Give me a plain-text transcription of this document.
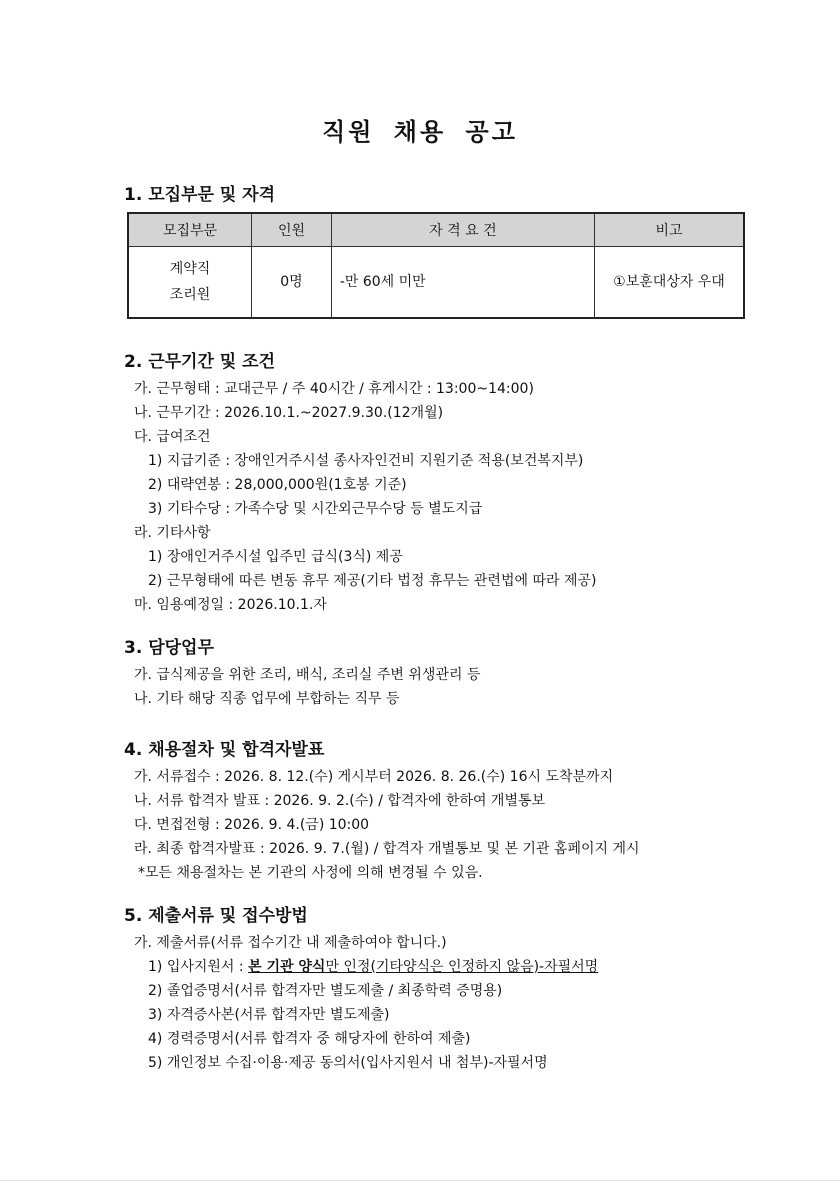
직원 채용 공고
1. 모집부문 및 자격
모집부문	인원	자 격 요 건	비고

계약직
조리원	0명	-만 60세 미만	①보훈대상자 우대
2. 근무기간 및 조건
가. 근무형태 : 교대근무 / 주 40시간 / 휴게시간 : 13:00~14:00)
나. 근무기간 : 2026.10.1.~2027.9.30.(12개월)
다. 급여조건
1) 지급기준 : 장애인거주시설 종사자인건비 지원기준 적용(보건복지부)
2) 대략연봉 : 28,000,000원(1호봉 기준)
3) 기타수당 : 가족수당 및 시간외근무수당 등 별도지급
라. 기타사항
1) 장애인거주시설 입주민 급식(3식) 제공
2) 근무형태에 따른 변동 휴무 제공(기타 법정 휴무는 관련법에 따라 제공)
마. 임용예정일 : 2026.10.1.자
3. 담당업무
가. 급식제공을 위한 조리, 배식, 조리실 주변 위생관리 등
나. 기타 해당 직종 업무에 부합하는 직무 등
4. 채용절차 및 합격자발표
가. 서류접수 : 2026. 8. 12.(수) 게시부터 2026. 8. 26.(수) 16시 도착분까지
나. 서류 합격자 발표 : 2026. 9. 2.(수) / 합격자에 한하여 개별통보
다. 면접전형 : 2026. 9. 4.(금) 10:00
라. 최종 합격자발표 : 2026. 9. 7.(월) / 합격자 개별통보 및 본 기관 홈페이지 게시
*모든 채용절차는 본 기관의 사정에 의해 변경될 수 있음.
5. 제출서류 및 접수방법
가. 제출서류(서류 접수기간 내 제출하여야 합니다.)
1) 입사지원서 : 본 기관 양식만 인정(기타양식은 인정하지 않음)-자필서명
2) 졸업증명서(서류 합격자만 별도제출 / 최종학력 증명용)
3) 자격증사본(서류 합격자만 별도제출)
4) 경력증명서(서류 합격자 중 해당자에 한하여 제출)
5) 개인정보 수집·이용·제공 동의서(입사지원서 내 첨부)-자필서명
